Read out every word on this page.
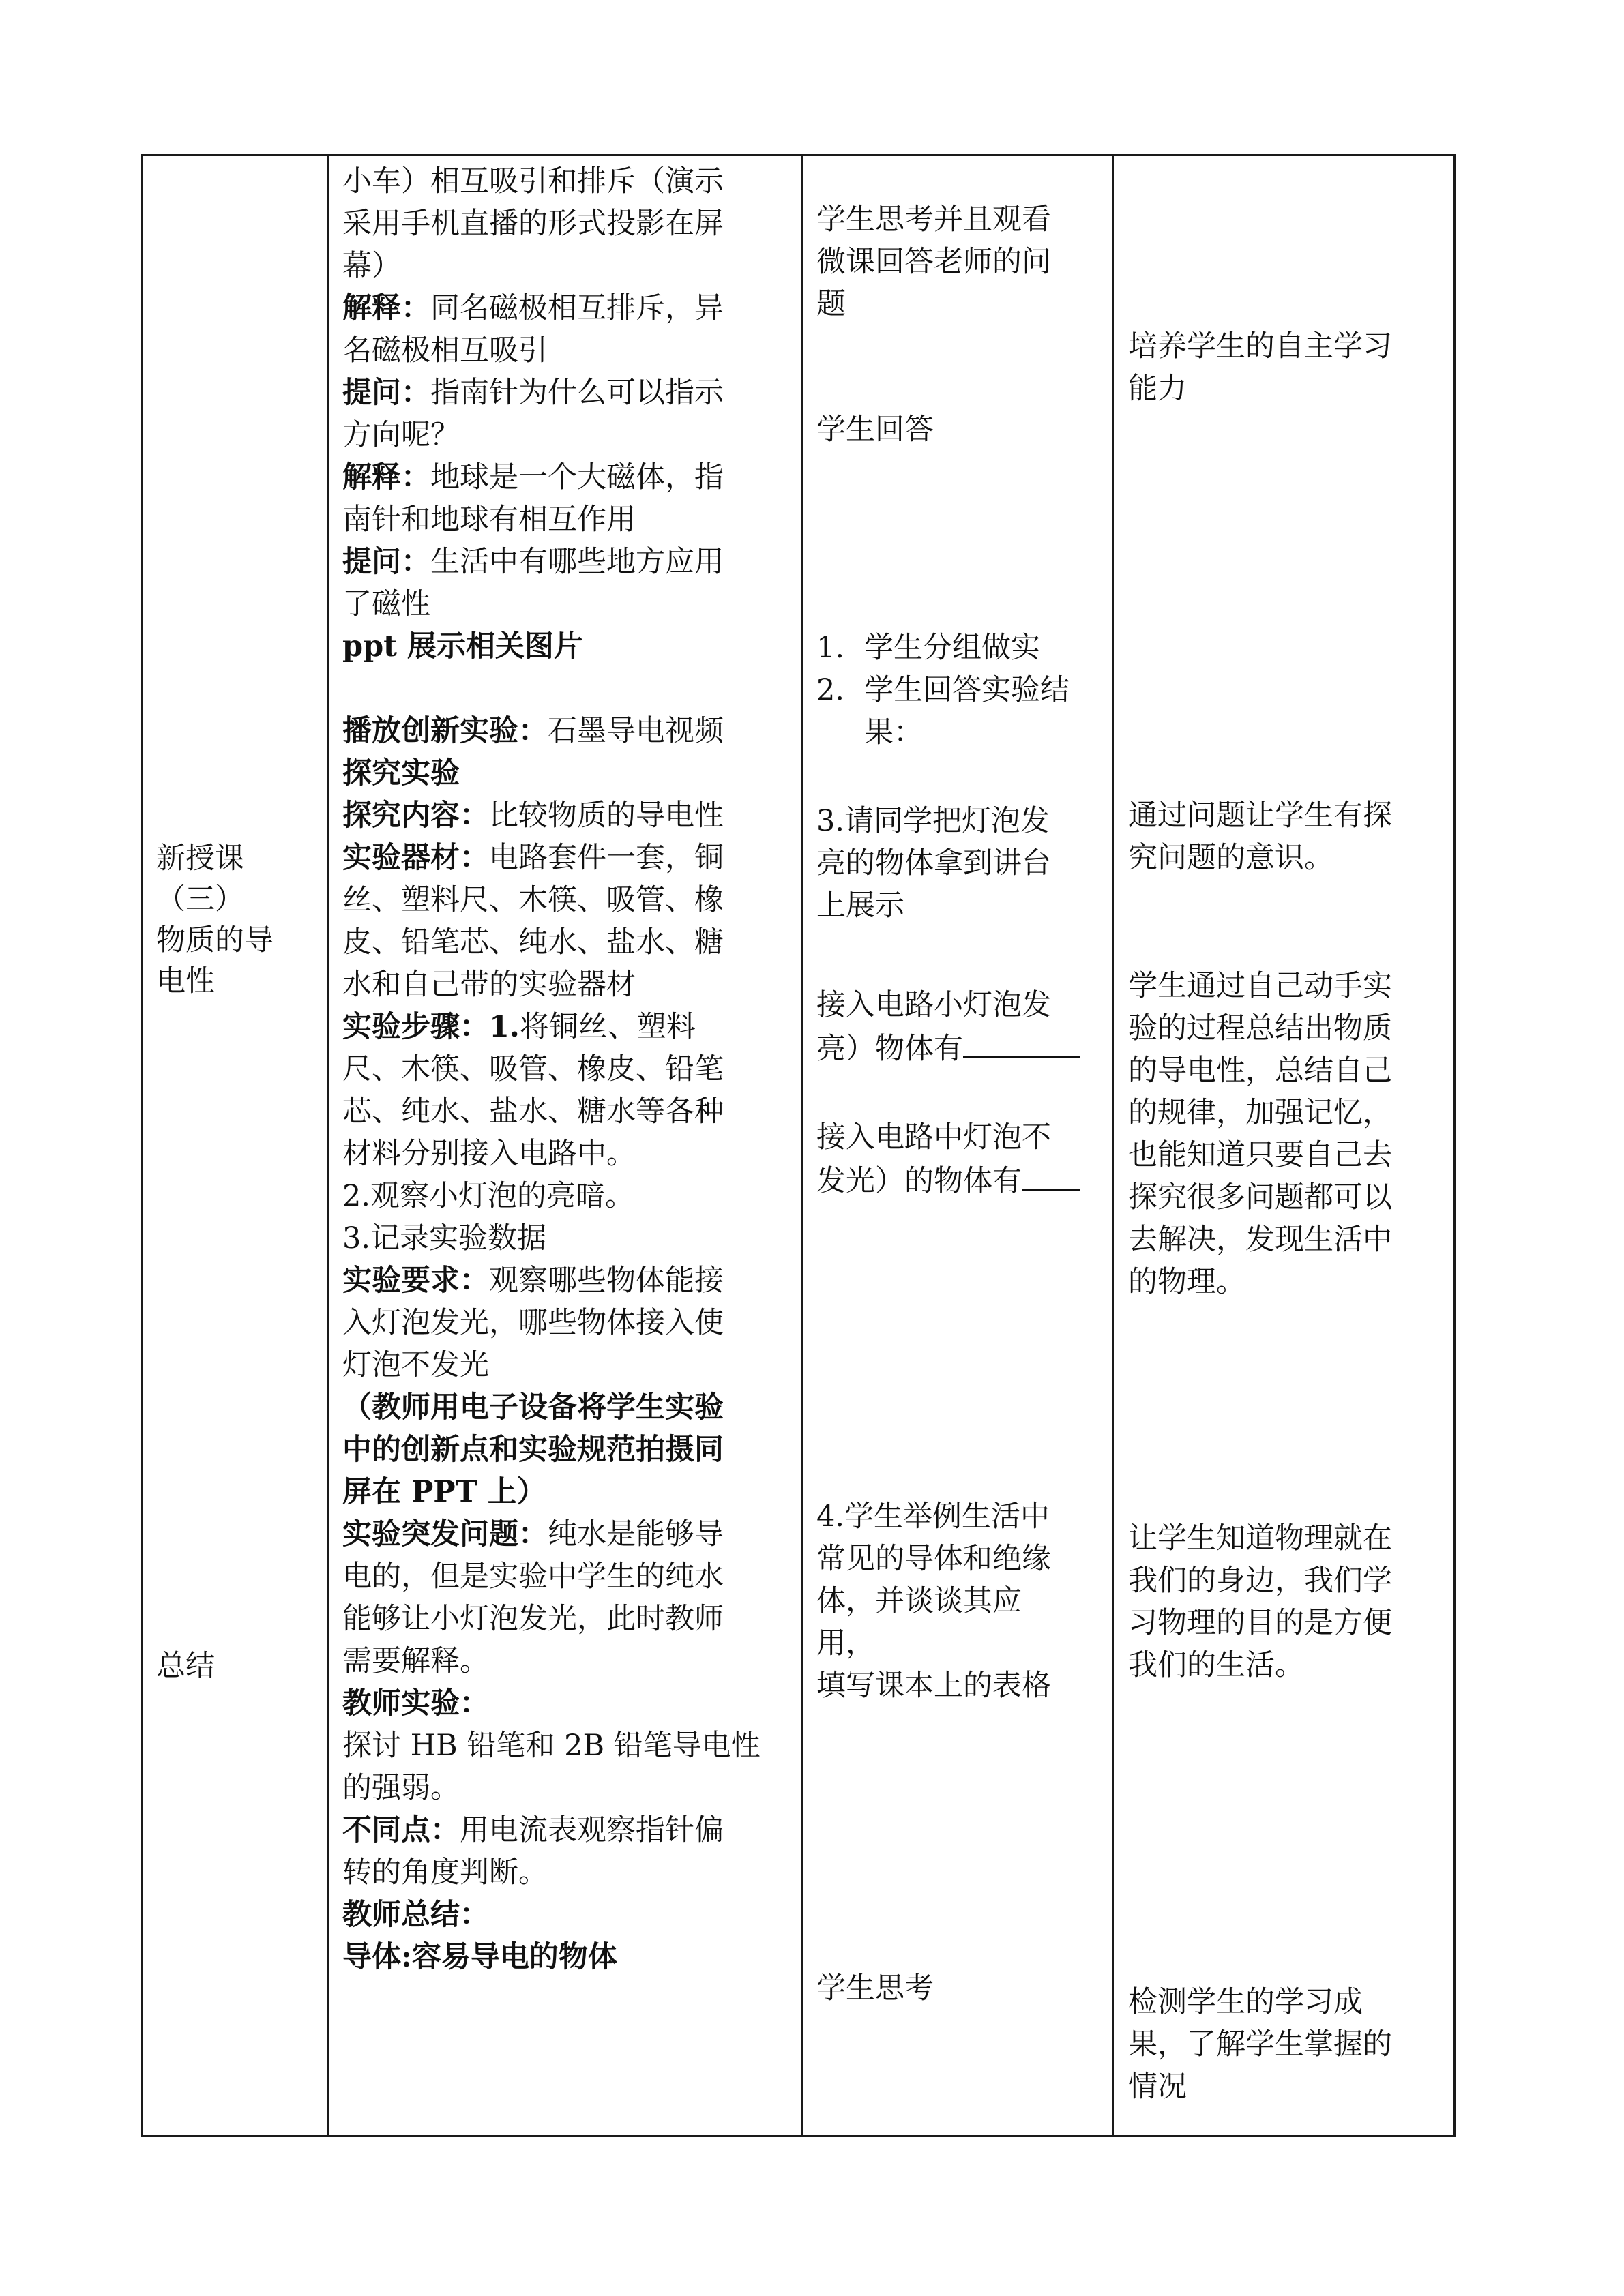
新授课
（三）
物质的导
电性
总结
小车）相互吸引和排斥（演示
采用手机直播的形式投影在屏
幕）
解释：同名磁极相互排斥，异
名磁极相互吸引
提问：指南针为什么可以指示
方向呢？
解释：地球是一个大磁体，指
南针和地球有相互作用
提问：生活中有哪些地方应用
了磁性
ppt 展示相关图片

播放创新实验：石墨导电视频
探究实验
探究内容：比较物质的导电性
实验器材：电路套件一套，铜
丝、塑料尺、木筷、吸管、橡
皮、铅笔芯、纯水、盐水、糖
水和自己带的实验器材
实验步骤：1.将铜丝、塑料
尺、木筷、吸管、橡皮、铅笔
芯、纯水、盐水、糖水等各种
材料分别接入电路中。
2.观察小灯泡的亮暗。
3.记录实验数据
实验要求：观察哪些物体能接
入灯泡发光，哪些物体接入使
灯泡不发光
（教师用电子设备将学生实验
中的创新点和实验规范拍摄同
屏在 PPT 上）
实验突发问题：纯水是能够导
电的，但是实验中学生的纯水
能够让小灯泡发光，此时教师
需要解释。
教师实验：
探讨 HB 铅笔和 2B 铅笔导电性
的强弱。
不同点：用电流表观察指针偏
转的角度判断。
教师总结：
导体:容易导电的物体
学生思考并且观看
微课回答老师的问
题
学生回答
1. 学生分组做实
2. 学生回答实验结
果：
3.请同学把灯泡发
亮的物体拿到讲台
上展示
接入电路小灯泡发
亮）物体有
接入电路中灯泡不
发光）的物体有
4.学生举例生活中
常见的导体和绝缘
体，并谈谈其应
用，
填写课本上的表格
学生思考
培养学生的自主学习
能力
通过问题让学生有探
究问题的意识。
学生通过自己动手实
验的过程总结出物质
的导电性，总结自己
的规律，加强记忆，
也能知道只要自己去
探究很多问题都可以
去解决，发现生活中
的物理。
让学生知道物理就在
我们的身边，我们学
习物理的目的是方便
我们的生活。
检测学生的学习成
果，了解学生掌握的
情况
